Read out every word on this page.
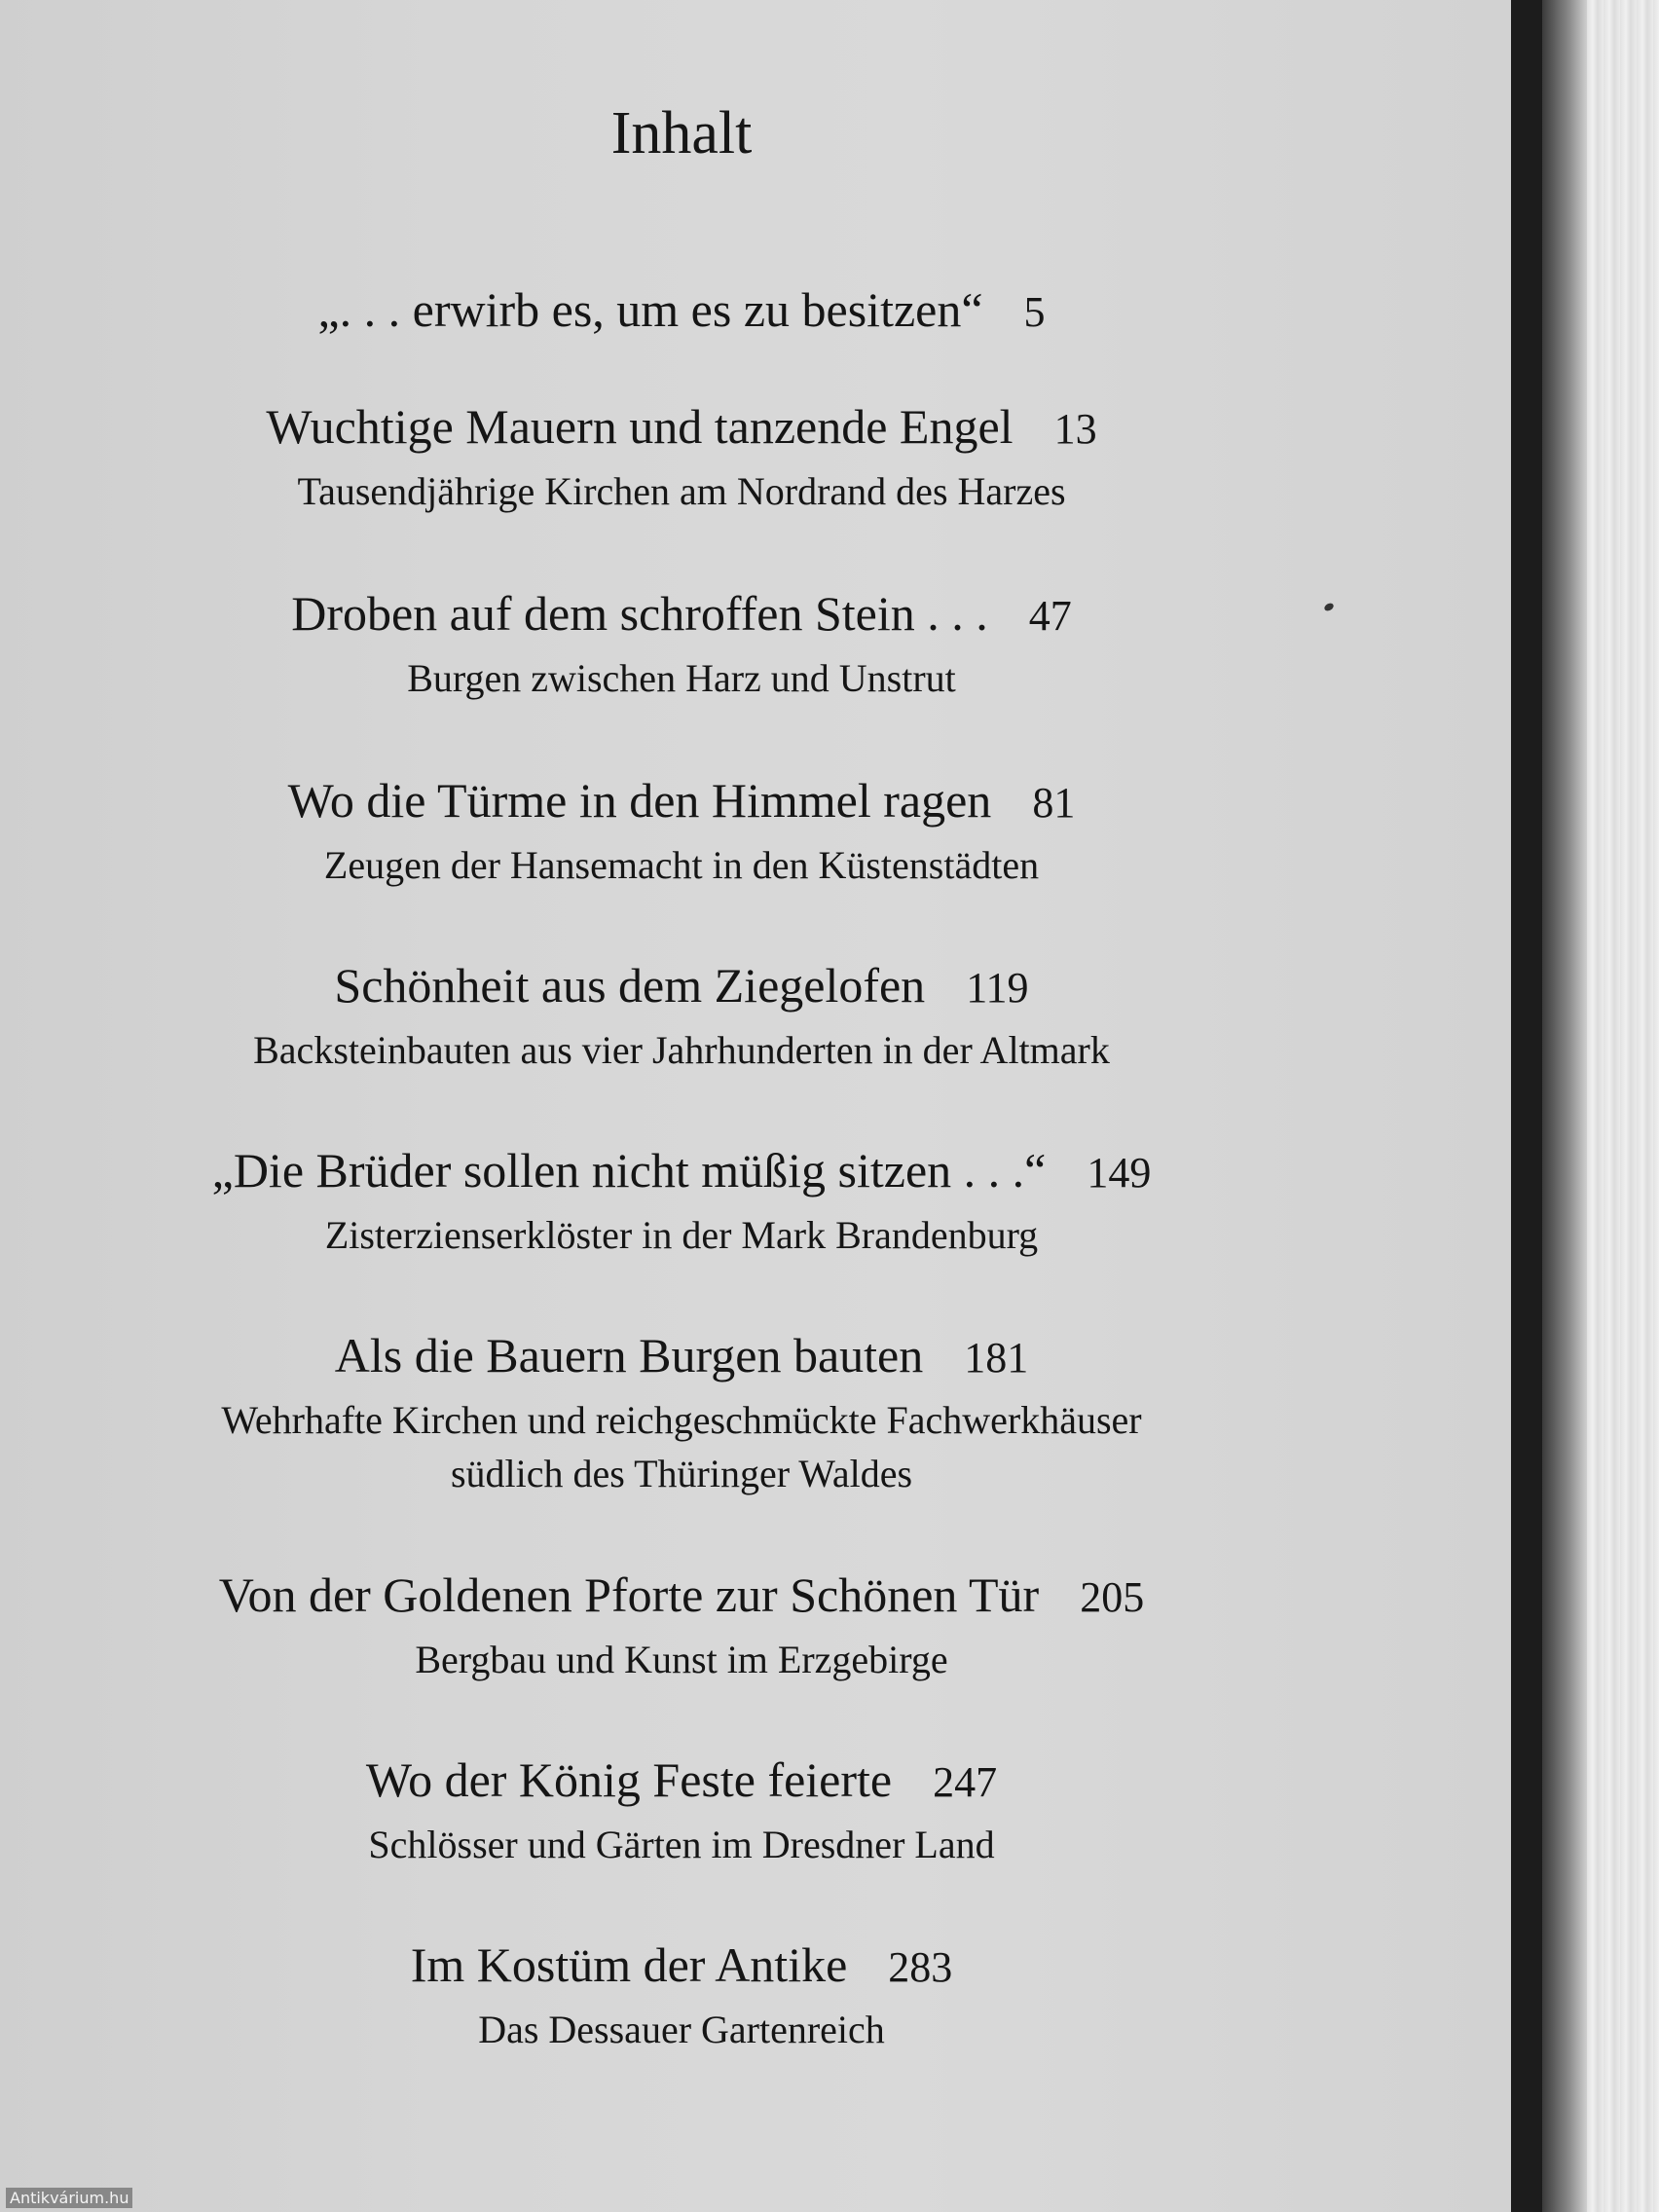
Inhalt
„. . . erwirb es, um es zu besitzen“ 5
Wuchtige Mauern und tanzende Engel 13
Tausendjährige Kirchen am Nordrand des Harzes
Droben auf dem schroffen Stein . . . 47
Burgen zwischen Harz und Unstrut
Wo die Türme in den Himmel ragen 81
Zeugen der Hansemacht in den Küstenstädten
Schönheit aus dem Ziegelofen 119
Backsteinbauten aus vier Jahrhunderten in der Altmark
„Die Brüder sollen nicht müßig sitzen . . .“ 149
Zisterzienserklöster in der Mark Brandenburg
Als die Bauern Burgen bauten 181
Wehrhafte Kirchen und reichgeschmückte Fachwerkhäuser
südlich des Thüringer Waldes
Von der Goldenen Pforte zur Schönen Tür 205
Bergbau und Kunst im Erzgebirge
Wo der König Feste feierte 247
Schlösser und Gärten im Dresdner Land
Im Kostüm der Antike 283
Das Dessauer Gartenreich
Antikvárium.hu
